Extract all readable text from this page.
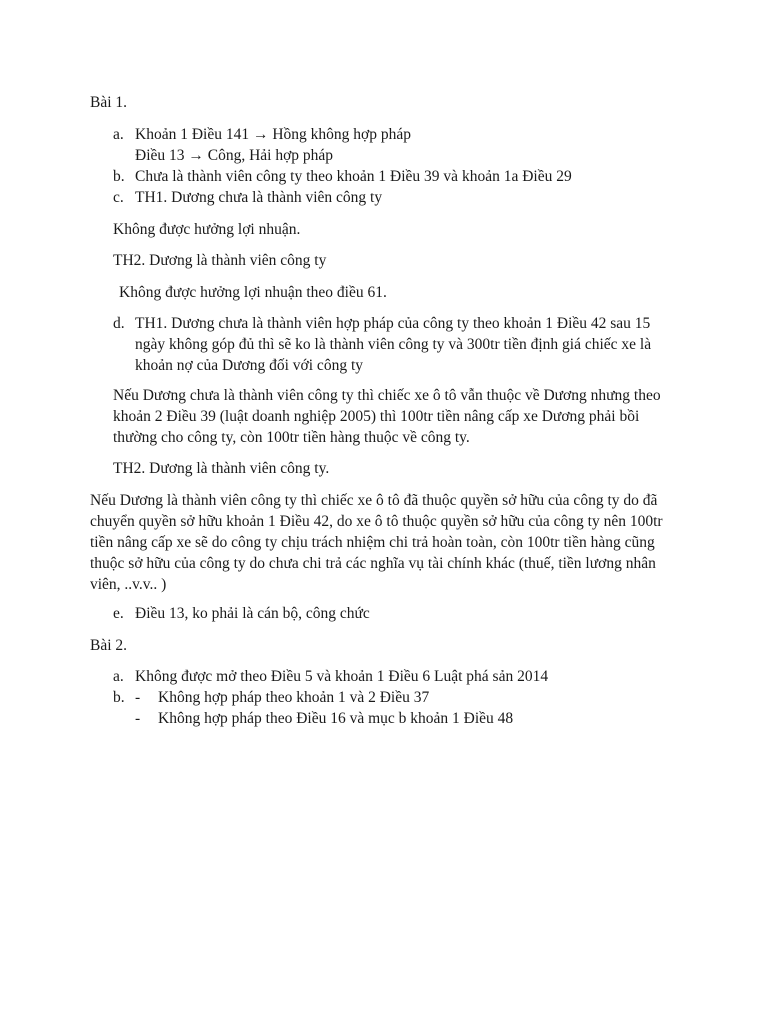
Bài 1.
a. Khoản 1 Điều 141 → Hồng không hợp pháp
Điều 13 → Công, Hải hợp pháp
b. Chưa là thành viên công ty theo khoản 1 Điều 39 và khoản 1a Điều 29
c. TH1. Dương chưa là thành viên công ty
Không được hưởng lợi nhuận.
TH2. Dương là thành viên công ty
Không được hưởng lợi nhuận theo điều 61.
d. TH1. Dương chưa là thành viên hợp pháp của công ty theo khoản 1 Điều 42 sau 15 ngày không góp đủ thì sẽ ko là thành viên công ty và 300tr tiền định giá chiếc xe là khoản nợ của Dương đối với công ty
Nếu Dương chưa là thành viên công ty thì chiếc xe ô tô vẫn thuộc về Dương nhưng theo khoản 2 Điều 39 (luật doanh nghiệp 2005) thì 100tr tiền nâng cấp xe Dương phải bồi thường cho công ty, còn 100tr tiền hàng thuộc về công ty.
TH2. Dương là thành viên công ty.
Nếu Dương là thành viên công ty thì chiếc xe ô tô đã thuộc quyền sở hữu của công ty do đã chuyển quyền sở hữu khoản 1 Điều 42, do xe ô tô thuộc quyền sở hữu của công ty nên 100tr tiền nâng cấp xe sẽ do công ty chịu trách nhiệm chi trả hoàn toàn, còn 100tr tiền hàng cũng thuộc sở hữu của công ty do chưa chi trả các nghĩa vụ tài chính khác (thuế, tiền lương nhân viên, ..v.v.. )
e. Điều 13, ko phải là cán bộ, công chức
Bài 2.
a. Không được mở theo Điều 5 và khoản 1 Điều 6 Luật phá sản 2014
b. - Không hợp pháp theo khoản 1 và 2 Điều 37
- Không hợp pháp theo Điều 16 và mục b khoản 1 Điều 48
